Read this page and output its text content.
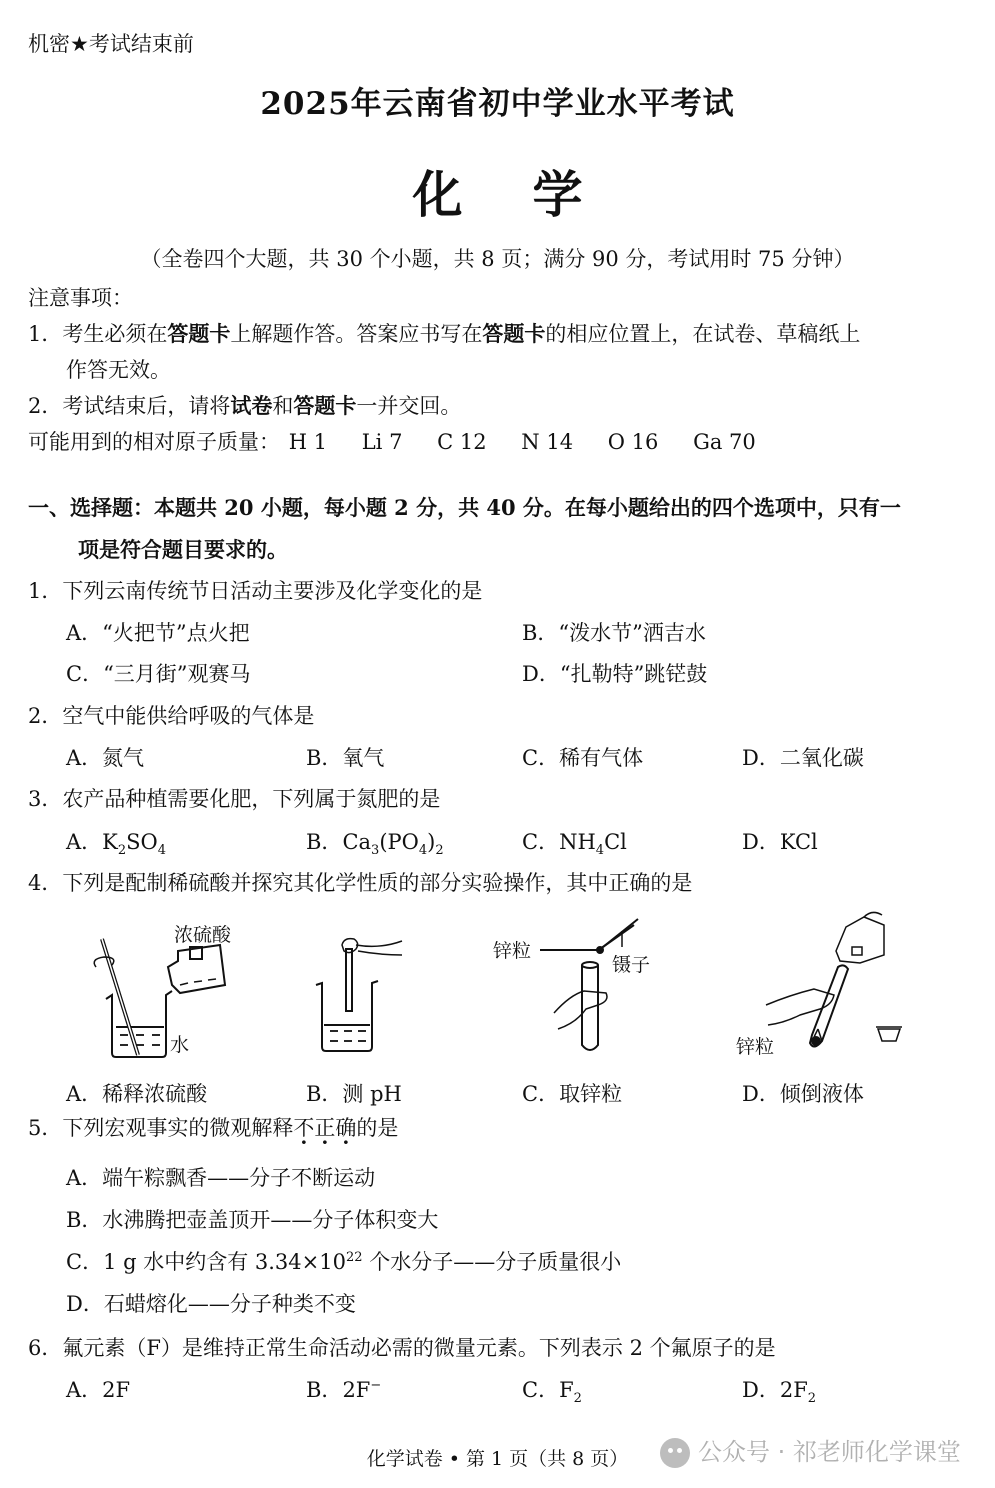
机密★考试结束前
2025年云南省初中学业水平考试
化学
（全卷四个大题，共 30 个小题，共 8 页；满分 90 分，考试用时 75 分钟）
注意事项：
1．考生必须在答题卡上解题作答。答案应书写在答题卡的相应位置上，在试卷、草稿纸上
作答无效。
2．考试结束后，请将试卷和答题卡一并交回。
可能用到的相对原子质量： H 1 Li 7 C 12 N 14 O 16 Ga 70
一、选择题：本题共 20 小题，每小题 2 分，共 40 分。在每小题给出的四个选项中，只有一
项是符合题目要求的。
1．下列云南传统节日活动主要涉及化学变化的是
A．“火把节”点火把	B．“泼水节”洒吉水
C．“三月街”观赛马	D．“扎勒特”跳铓鼓
2．空气中能供给呼吸的气体是
A．氮气	B．氧气	C．稀有气体	D．二氧化碳
3．农产品种植需要化肥，下列属于氮肥的是
A．$K_2SO_4$	B．$Ca_3(PO_4)_2$	C．$NH_4Cl$	D．KCl
4．下列是配制稀硫酸并探究其化学性质的部分实验操作，其中正确的是
浓硫酸
水
锌粒
镊子
锌粒
A．稀释浓硫酸	B．测 pH	C．取锌粒	D．倾倒液体
5．下列宏观事实的微观解释不正确的是
A．端午粽飘香——分子不断运动
B．水沸腾把壶盖顶开——分子体积变大
C．1 g 水中约含有 $3.34\times 10^{22}$ 个水分子——分子质量很小
D．石蜡熔化——分子种类不变
6．氟元素（F）是维持正常生命活动必需的微量元素。下列表示 2 个氟原子的是
A．2F	B．2F−	C．$F_2$	D．$2F_2$
化学试卷 • 第 1 页（共 8 页）	公众号 · 祁老师化学课堂
